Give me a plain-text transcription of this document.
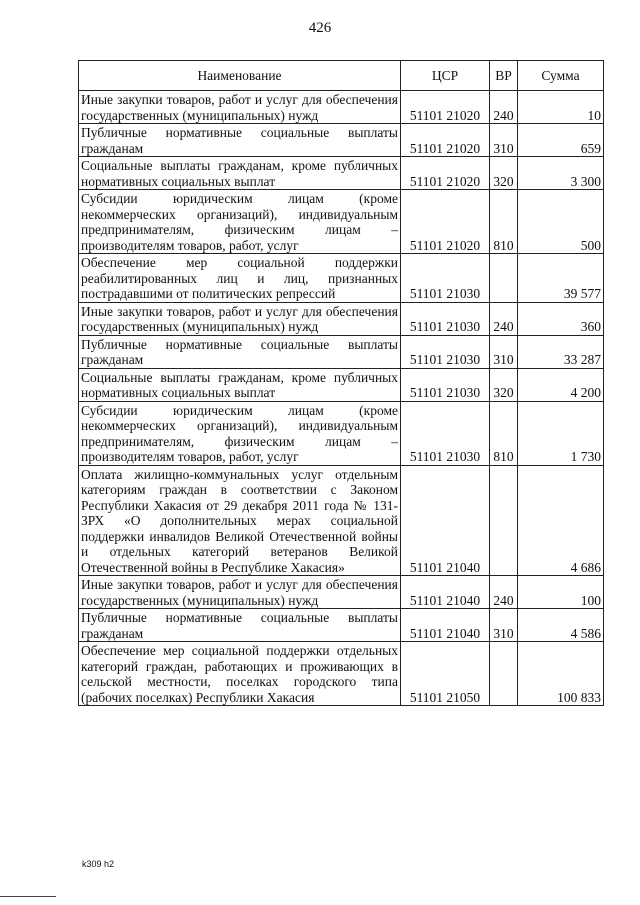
426
Наименование	ЦСР	ВР	Сумма
Иные закупки товаров, работ и услуг для обеспечения государственных (муниципальных) нужд	51101 21020	240	10
Публичные нормативные социальные выплаты гражданам	51101 21020	310	659
Социальные выплаты гражданам, кроме публичных нормативных социальных выплат	51101 21020	320	3 300
Субсидии юридическим лицам (кроме некоммерческих организаций), индивидуальным предпринимателям, физическим лицам – производителям товаров, работ, услуг	51101 21020	810	500
Обеспечение мер социальной поддержки реабилитированных лиц и лиц, признанных пострадавшими от политических репрессий	51101 21030		39 577
Иные закупки товаров, работ и услуг для обеспечения государственных (муниципальных) нужд	51101 21030	240	360
Публичные нормативные социальные выплаты гражданам	51101 21030	310	33 287
Социальные выплаты гражданам, кроме публичных нормативных социальных выплат	51101 21030	320	4 200
Субсидии юридическим лицам (кроме некоммерческих организаций), индивидуальным предпринимателям, физическим лицам – производителям товаров, работ, услуг	51101 21030	810	1 730
Оплата жилищно-коммунальных услуг отдельным категориям граждан в соответствии с Законом Республики Хакасия от 29 декабря 2011 года № 131-ЗРХ «О дополнительных мерах социальной поддержки инвалидов Великой Отечественной войны и отдельных категорий ветеранов Великой Отечественной войны в Республике Хакасия»	51101 21040		4 686
Иные закупки товаров, работ и услуг для обеспечения государственных (муниципальных) нужд	51101 21040	240	100
Публичные нормативные социальные выплаты гражданам	51101 21040	310	4 586
Обеспечение мер социальной поддержки отдельных категорий граждан, работающих и проживающих в сельской местности, поселках городского типа (рабочих поселках) Республики Хакасия	51101 21050		100 833
k309 h2
